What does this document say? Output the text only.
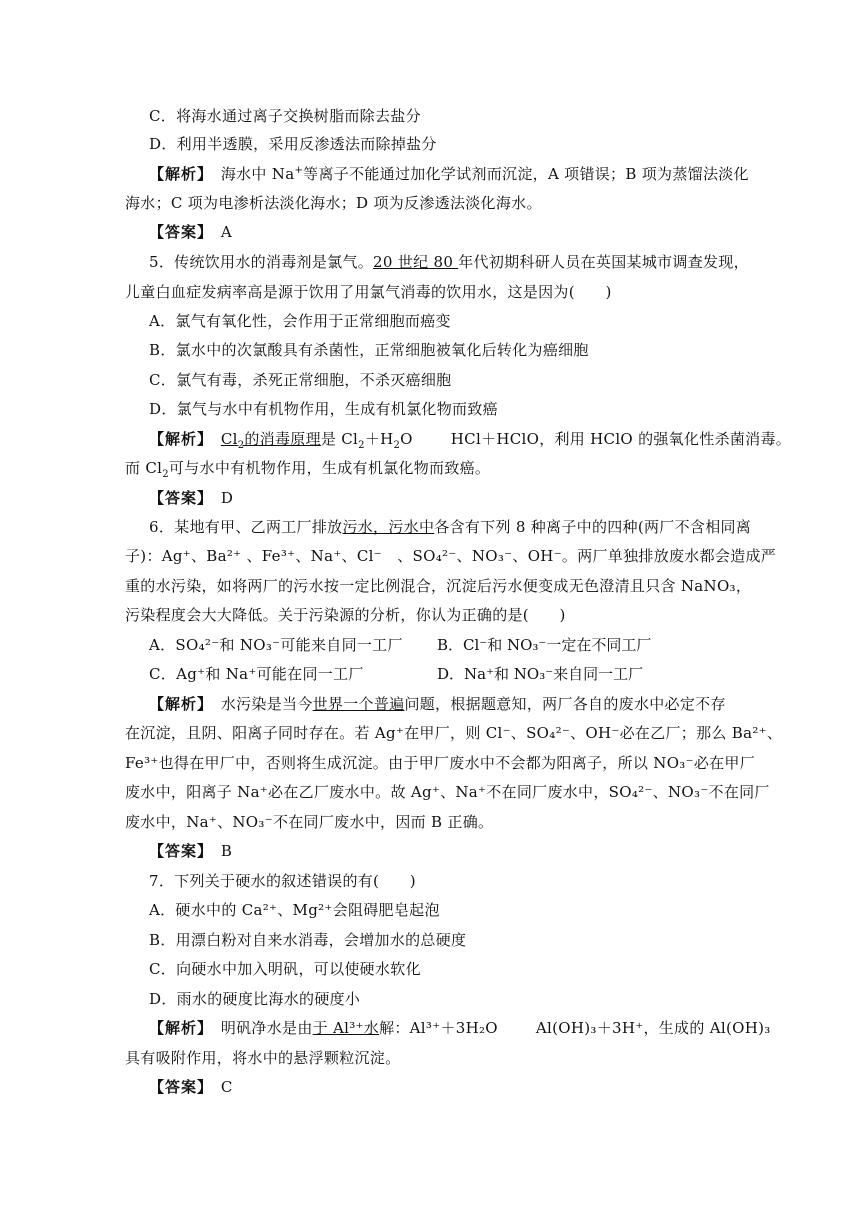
C．将海水通过离子交换树脂而除去盐分
D．利用半透膜，采用反渗透法而除掉盐分
【解析】　 海水中 Na+等离子不能通过加化学试剂而沉淀，A 项错误；B 项为蒸馏法淡化
海水；C 项为电渗析法淡化海水；D 项为反渗透法淡化海水。
【答案】　 A
5．传统饮用水的消毒剂是氯气。20 世纪 80 年代初期科研人员在英国某城市调查发现，
儿童白血症发病率高是源于饮用了用氯气消毒的饮用水，这是因为(　　)
A．氯气有氧化性，会作用于正常细胞而癌变
B．氯水中的次氯酸具有杀菌性，正常细胞被氧化后转化为癌细胞
C．氯气有毒，杀死正常细胞，不杀灭癌细胞
D．氯气与水中有机物作用，生成有机氯化物而致癌
【解析】　 $Cl_2$的消毒原理是 $Cl_2+H_2O$	HCl＋HClO，利用 HClO 的强氧化性杀菌消毒。
而 $Cl_2$可与水中有机物作用，生成有机氯化物而致癌。
【答案】　 D
6．某地有甲、乙两工厂排放污水，污水中各含有下列 8 种离子中的四种(两厂不含相同离
子)：Ag⁺、Ba²⁺ 、Fe³⁺、Na⁺、Cl⁻　、SO₄²⁻、NO₃⁻、OH⁻。两厂单独排放废水都会造成严
重的水污染，如将两厂的污水按一定比例混合，沉淀后污水便变成无色澄清且只含 NaNO₃，
污染程度会大大降低。关于污染源的分析，你认为正确的是(　　)
A．SO₄²⁻和 NO₃⁻可能来自同一工厂 B．Cl⁻和 NO₃⁻一定在不同工厂
C．Ag⁺和 Na⁺可能在同一工厂	D．Na⁺和 NO₃⁻来自同一工厂
【解析】　 水污染是当今世界一个普遍问题，根据题意知，两厂各自的废水中必定不存
在沉淀，且阴、阳离子同时存在。若 Ag⁺在甲厂，则 Cl⁻、SO₄²⁻、OH⁻必在乙厂；那么 Ba²⁺、
Fe³⁺也得在甲厂中，否则将生成沉淀。由于甲厂废水中不会都为阳离子，所以 NO₃⁻必在甲厂
废水中，阳离子 Na⁺必在乙厂废水中。故 Ag⁺、Na⁺不在同厂废水中，SO₄²⁻、NO₃⁻不在同厂
废水中，Na⁺、NO₃⁻不在同厂废水中，因而 B 正确。
【答案】　 B
7．下列关于硬水的叙述错误的有(　　)
A．硬水中的 Ca²⁺、Mg²⁺会阻碍肥皂起泡
B．用漂白粉对自来水消毒，会增加水的总硬度
C．向硬水中加入明矾，可以使硬水软化
D．雨水的硬度比海水的硬度小
【解析】　 明矾净水是由于 Al³⁺水解：Al³⁺＋3H₂O	Al(OH)₃＋3H⁺，生成的 Al(OH)₃
具有吸附作用，将水中的悬浮颗粒沉淀。
【答案】　 C
